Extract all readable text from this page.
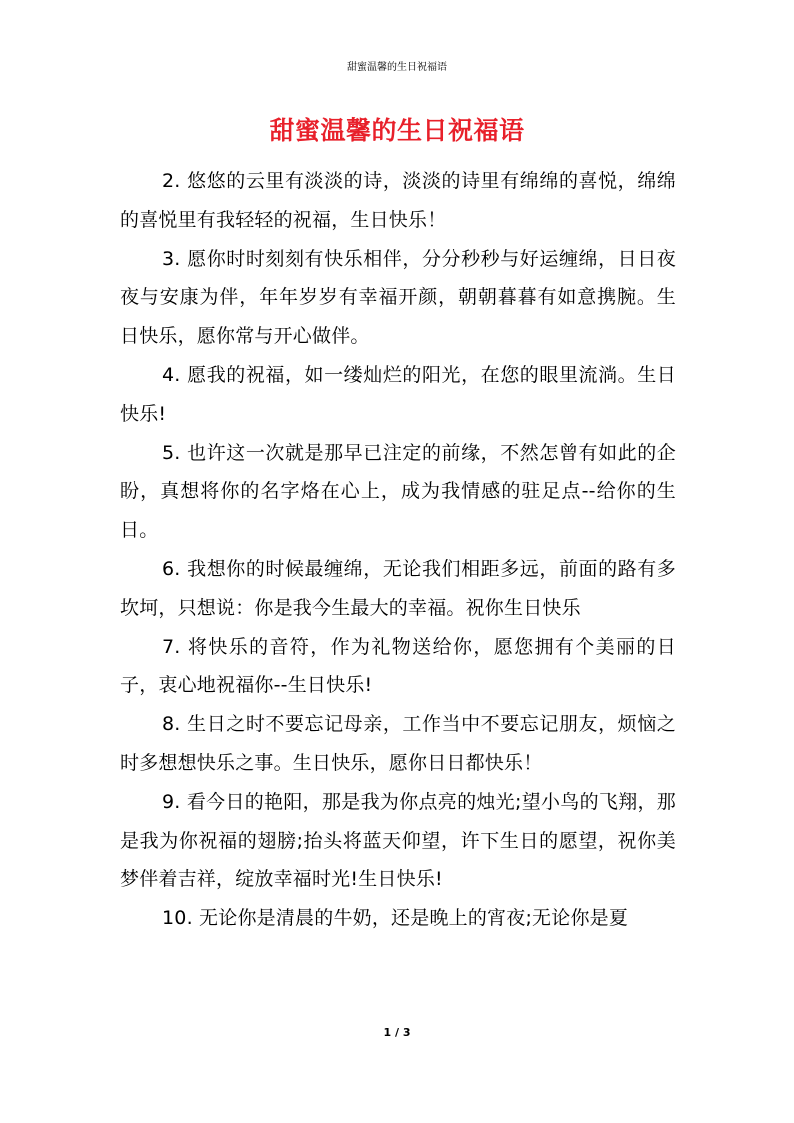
甜蜜温馨的生日祝福语
甜蜜温馨的生日祝福语

2. 悠悠的云里有淡淡的诗，淡淡的诗里有绵绵的喜悦，绵绵的喜悦里有我轻轻的祝福，生日快乐！

3. 愿你时时刻刻有快乐相伴，分分秒秒与好运缠绵，日日夜夜与安康为伴，年年岁岁有幸福开颜，朝朝暮暮有如意携腕。生日快乐，愿你常与开心做伴。

4. 愿我的祝福，如一缕灿烂的阳光，在您的眼里流淌。生日快乐!

5. 也许这一次就是那早已注定的前缘，不然怎曾有如此的企盼，真想将你的名字烙在心上，成为我情感的驻足点--给你的生日。

6. 我想你的时候最缠绵，无论我们相距多远，前面的路有多坎坷，只想说：你是我今生最大的幸福。祝你生日快乐

7. 将快乐的音符，作为礼物送给你，愿您拥有个美丽的日子，衷心地祝福你--生日快乐!

8. 生日之时不要忘记母亲，工作当中不要忘记朋友，烦恼之时多想想快乐之事。生日快乐，愿你日日都快乐！

9. 看今日的艳阳，那是我为你点亮的烛光;望小鸟的飞翔，那是我为你祝福的翅膀;抬头将蓝天仰望，许下生日的愿望，祝你美梦伴着吉祥，绽放幸福时光!生日快乐!

10. 无论你是清晨的牛奶，还是晚上的宵夜;无论你是夏

1 / 3
